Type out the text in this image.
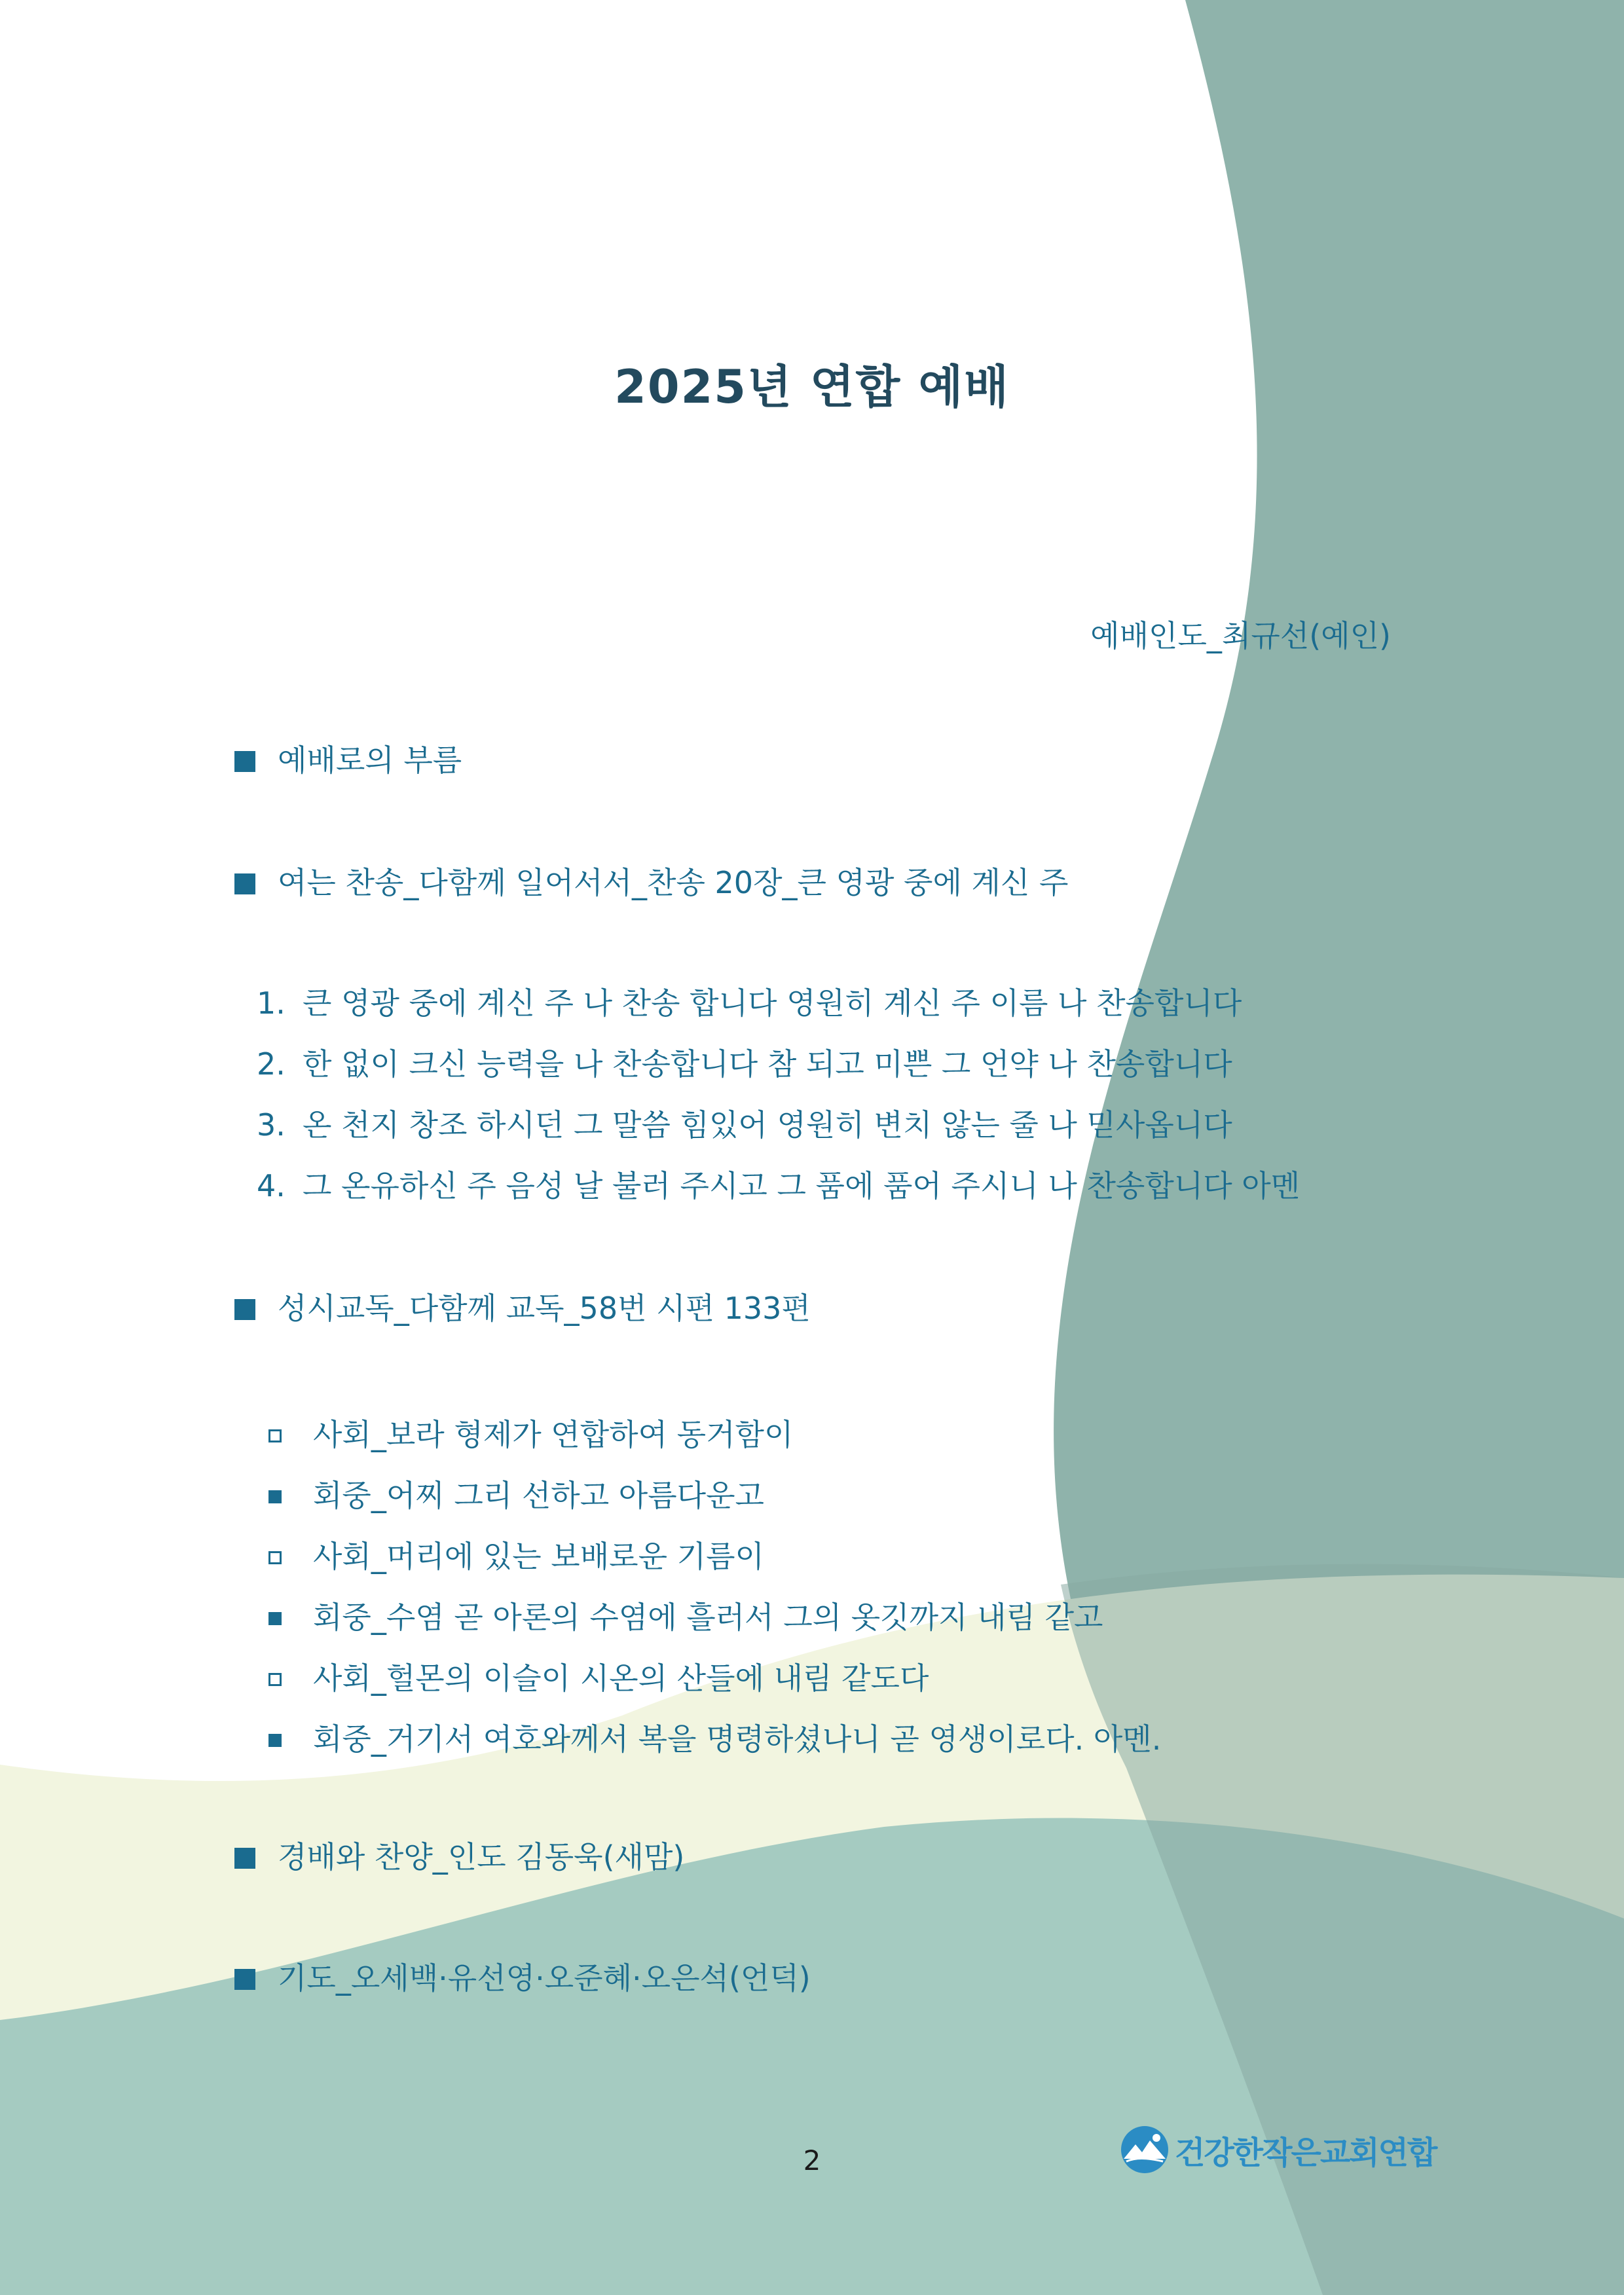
2025년 연합 예배
예배인도_최규선(예인)
예배로의 부름
여는 찬송_다함께 일어서서_찬송 20장_큰 영광 중에 계신 주
1. 큰 영광 중에 계신 주 나 찬송 합니다 영원히 계신 주 이름 나 찬송합니다
2. 한 없이 크신 능력을 나 찬송합니다 참 되고 미쁜 그 언약 나 찬송합니다
3. 온 천지 창조 하시던 그 말씀 힘있어 영원히 변치 않는 줄 나 믿사옵니다
4. 그 온유하신 주 음성 날 불러 주시고 그 품에 품어 주시니 나 찬송합니다 아멘
성시교독_다함께 교독_58번 시편 133편
사회_보라 형제가 연합하여 동거함이
회중_어찌 그리 선하고 아름다운고
사회_머리에 있는 보배로운 기름이
회중_수염 곧 아론의 수염에 흘러서 그의 옷깃까지 내림 같고
사회_헐몬의 이슬이 시온의 산들에 내림 같도다
회중_거기서 여호와께서 복을 명령하셨나니 곧 영생이로다. 아멘.
경배와 찬양_인도 김동욱(새맘)
기도_오세백·유선영·오준혜·오은석(언덕)
2	건강한작은교회연합
